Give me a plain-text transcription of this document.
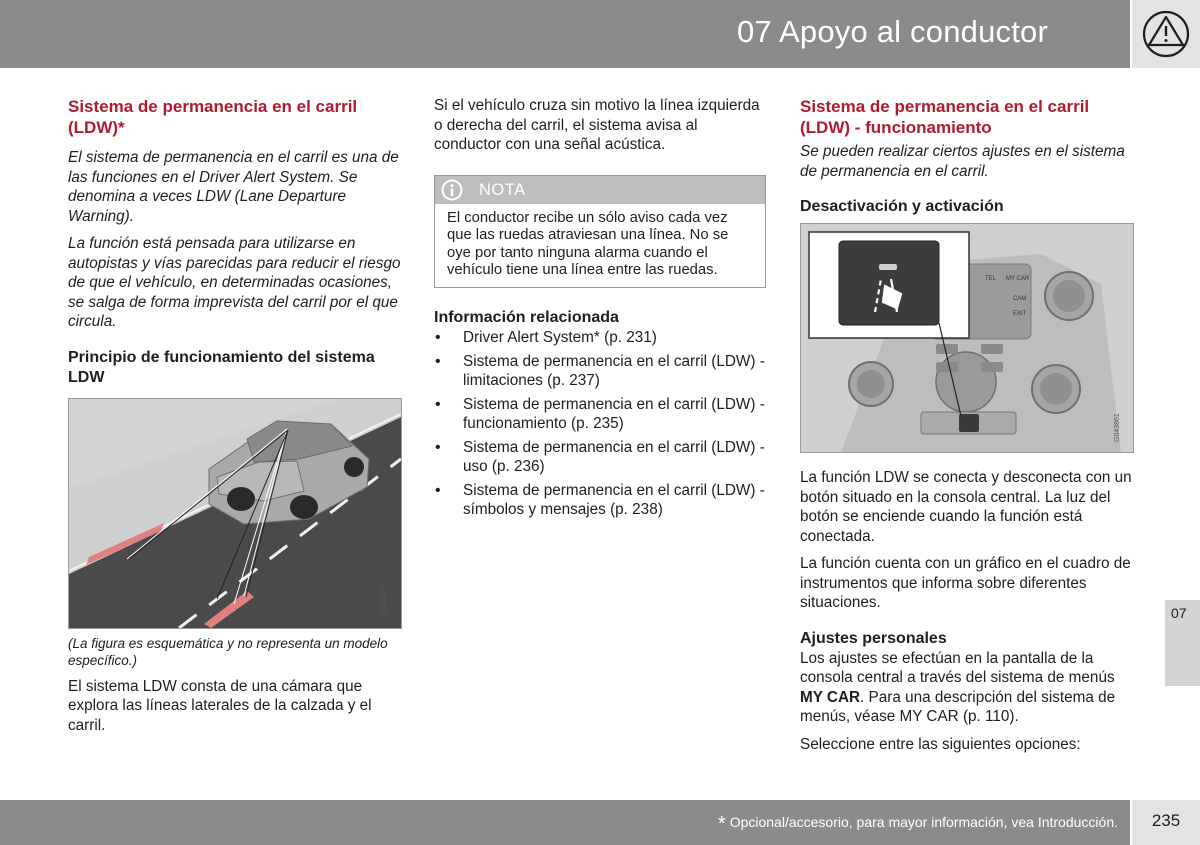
07 Apoyo al conductor
Sistema de permanencia en el carril (LDW)*

El sistema de permanencia en el carril es una de las funciones en el Driver Alert System. Se denomina a veces LDW (Lane Departure Warning).

La función está pensada para utilizarse en autopistas y vías parecidas para reducir el riesgo de que el vehículo, en determinadas ocasiones, se salga de forma imprevista del carril por el que circula.

Principio de funcionamiento del sistema LDW
G045089

(La figura es esquemática y no representa un modelo específico.)

El sistema LDW consta de una cámara que explora las líneas laterales de la calzada y el carril.

Si el vehículo cruza sin motivo la línea izquierda o derecha del carril, el sistema avisa al conductor con una señal acústica.

NOTA
El conductor recibe un sólo aviso cada vez que las ruedas atraviesan una línea. No se oye por tanto ninguna alarma cuando el vehículo tiene una línea entre las ruedas.
Información relacionada
• Driver Alert System* (p. 231)
• Sistema de permanencia en el carril (LDW) - limitaciones (p. 237)
• Sistema de permanencia en el carril (LDW) - funcionamiento (p. 235)
• Sistema de permanencia en el carril (LDW) - uso (p. 236)
• Sistema de permanencia en el carril (LDW) - símbolos y mensajes (p. 238)
Sistema de permanencia en el carril (LDW) - funcionamiento

Se pueden realizar ciertos ajustes en el sistema de permanencia en el carril.

Desactivación y activación
TEL MY CAR
CAM
EXIT
G043861

La función LDW se conecta y desconecta con un botón situado en la consola central. La luz del botón se enciende cuando la función está conectada.

La función cuenta con un gráfico en el cuadro de instrumentos que informa sobre diferentes situaciones.

Ajustes personales

Los ajustes se efectúan en la pantalla de la consola central a través del sistema de menús MY CAR. Para una descripción del sistema de menús, véase MY CAR (p. 110).

Seleccione entre las siguientes opciones:

07
* Opcional/accesorio, para mayor información, vea Introducción.	235
